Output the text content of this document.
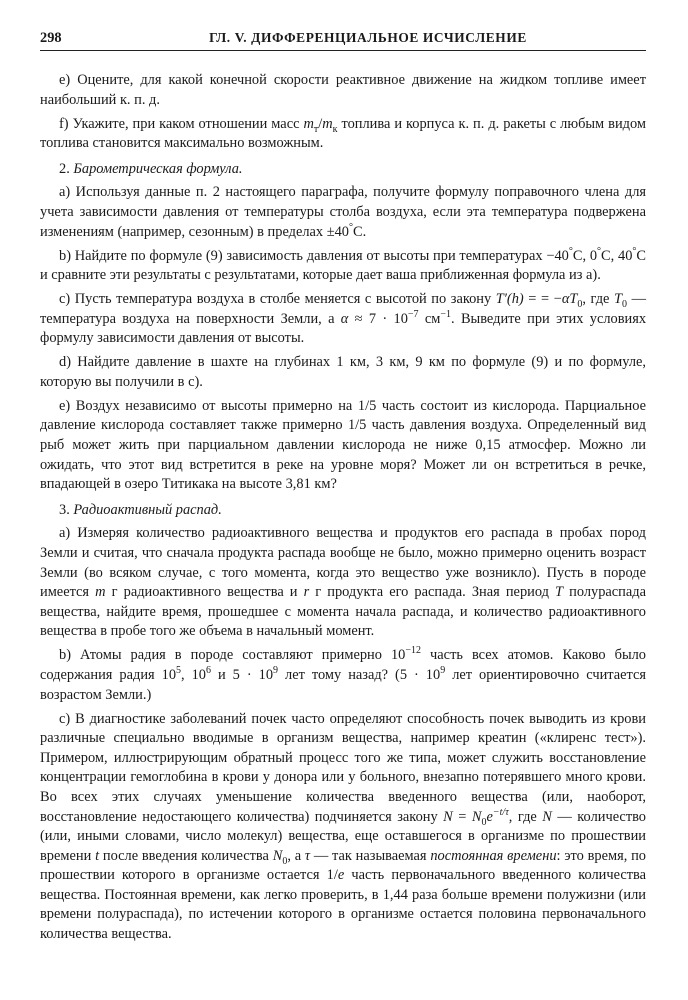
298	ГЛ. V. ДИФФЕРЕНЦИАЛЬНОЕ ИСЧИСЛЕНИЕ

е) Оцените, для какой конечной скорости реактивное движение на жидком топливе имеет наибольший к. п. д.

f) Укажите, при каком отношении масс $m_т/m_к$ топлива и корпуса к. п. д. ракеты с любым видом топлива становится максимально возможным.

2. Барометрическая формула.

а) Используя данные п. 2 настоящего параграфа, получите формулу поправочного члена для учета зависимости давления от температуры столба воздуха, если эта температура подвержена изменениям (например, сезонным) в пределах ±40°С.

b) Найдите по формуле (9) зависимость давления от высоты при температурах −40°С, 0°С, 40°С и сравните эти результаты с результатами, которые дает ваша приближенная формула из а).

с) Пусть температура воздуха в столбе меняется с высотой по закону T′(h) = = $-\alpha T_0$, где $T_0$ — температура воздуха на поверхности Земли, а $\alpha \approx 7 \cdot 10^{-7}$ $см^{-1}$. Выведите при этих условиях формулу зависимости давления от высоты.

d) Найдите давление в шахте на глубинах 1 км, 3 км, 9 км по формуле (9) и по формуле, которую вы получили в с).

е) Воздух независимо от высоты примерно на 1/5 часть состоит из кислорода. Парциальное давление кислорода составляет также примерно 1/5 часть давления воздуха. Определенный вид рыб может жить при парциальном давлении кислорода не ниже 0,15 атмосфер. Можно ли ожидать, что этот вид встретится в реке на уровне моря? Может ли он встретиться в речке, впадающей в озеро Титикака на высоте 3,81 км?

3. Радиоактивный распад.

а) Измеряя количество радиоактивного вещества и продуктов его распада в пробах пород Земли и считая, что сначала продукта распада вообще не было, можно примерно оценить возраст Земли (во всяком случае, с того момента, когда это вещество уже возникло). Пусть в породе имеется m г радиоактивного вещества и r г продукта его распада. Зная период T полураспада вещества, найдите время, прошедшее с момента начала распада, и количество радиоактивного вещества в пробе того же объема в начальный момент.

b) Атомы радия в породе составляют примерно $10^{-12}$ часть всех атомов. Каково было содержания радия $10^5$, $10^6$ и $5 \cdot 10^9$ лет тому назад? ($5 \cdot 10^9$ лет ориентировочно считается возрастом Земли.)

с) В диагностике заболеваний почек часто определяют способность почек выводить из крови различные специально вводимые в организм вещества, например креатин («клиренс тест»). Примером, иллюстрирующим обратный процесс того же типа, может служить восстановление концентрации гемоглобина в крови у донора или у больного, внезапно потерявшего много крови. Во всех этих случаях уменьшение количества введенного вещества (или, наоборот, восстановление недостающего количества) подчиняется закону $N = N_0e^{-t/\tau}$, где N — количество (или, иными словами, число молекул) вещества, еще оставшегося в организме по прошествии времени t после введения количества $N_0$, а τ — так называемая постоянная времени: это время, по прошествии которого в организме остается 1/e часть первоначального введенного количества вещества. Постоянная времени, как легко проверить, в 1,44 раза больше времени полужизни (или времени полураспада), по истечении которого в организме остается половина первоначального количества вещества.
